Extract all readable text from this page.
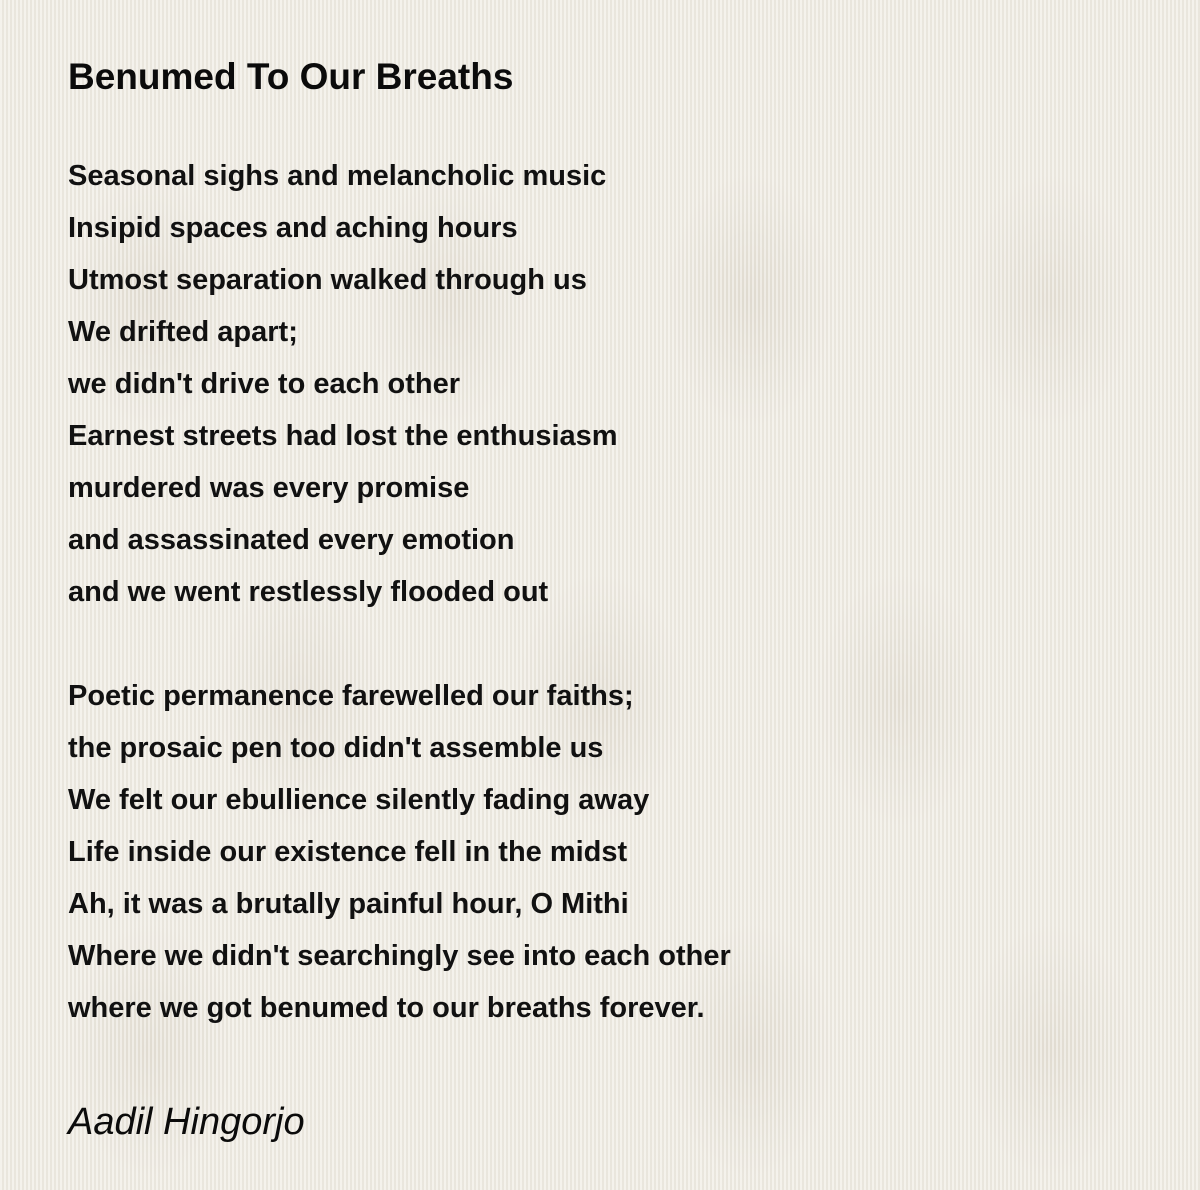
Benumed To Our Breaths
Seasonal sighs and melancholic music
Insipid spaces and aching hours
Utmost separation walked through us
We drifted apart;
we didn't drive to each other
Earnest streets had lost the enthusiasm
murdered was every promise
and assassinated every emotion
and we went restlessly flooded out
Poetic permanence farewelled our faiths;
the prosaic pen too didn't assemble us
We felt our ebullience silently fading away
Life inside our existence fell in the midst
Ah, it was a brutally painful hour, O Mithi
Where we didn't searchingly see into each other
where we got benumed to our breaths forever.
Aadil Hingorjo
